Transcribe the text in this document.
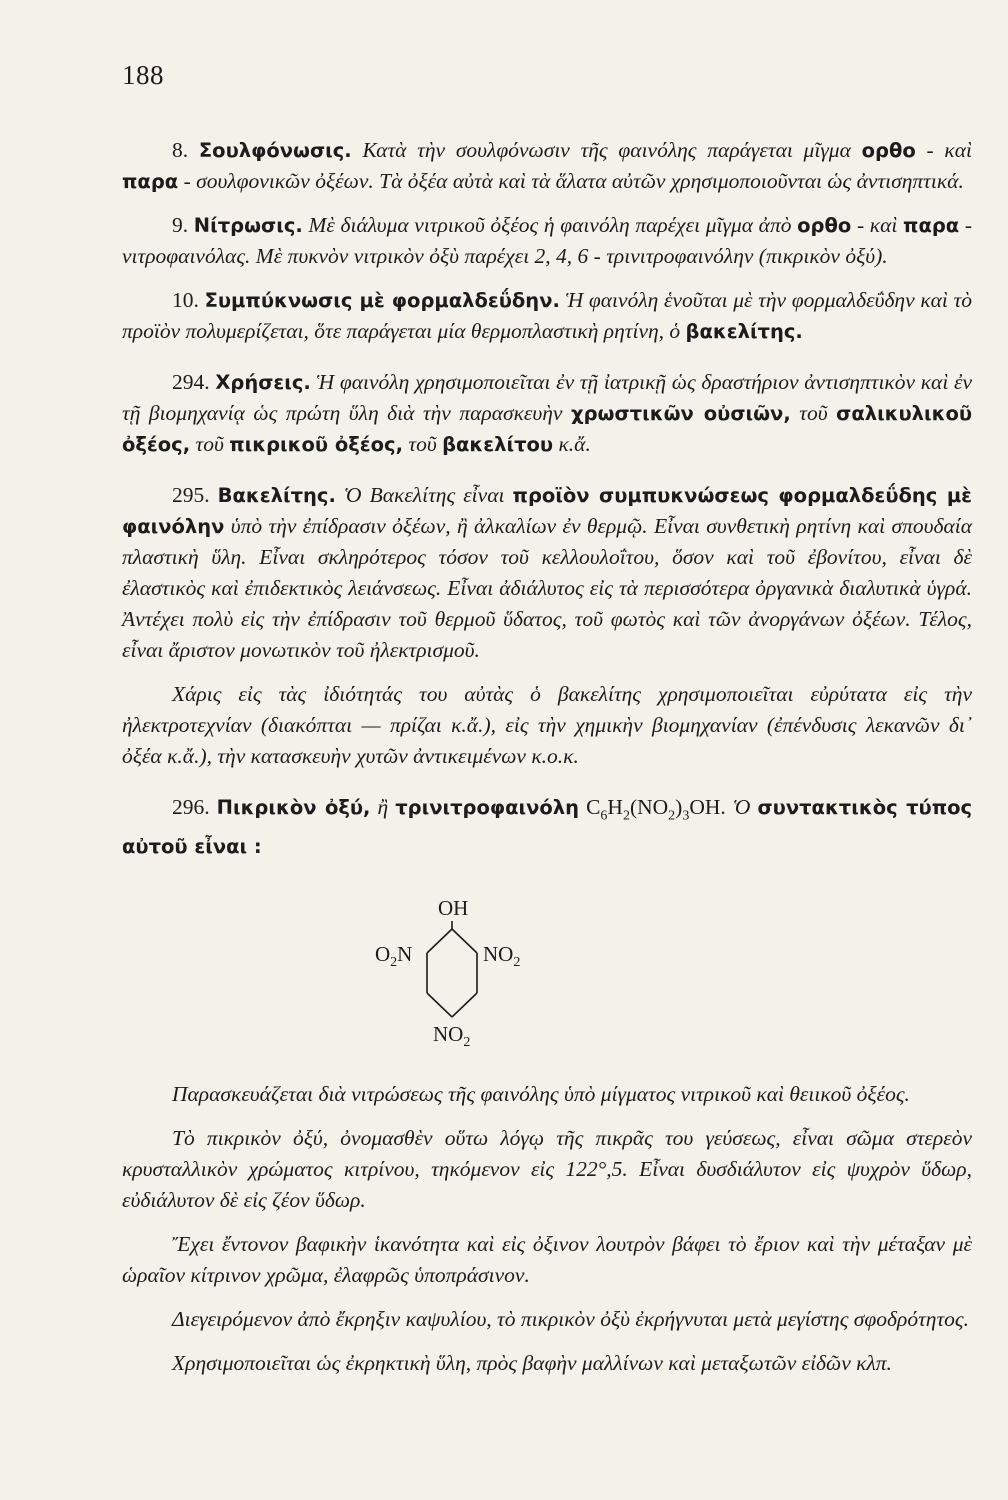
188

8. Σουλφόνωσις. Κατὰ τὴν σουλφόνωσιν τῆς φαινόλης παράγεται μῖγμα ορθο - καὶ παρα - σουλφονικῶν ὀξέων. Τὰ ὀξέα αὐτὰ καὶ τὰ ἅλατα αὐτῶν χρησιμοποιοῦνται ὡς ἀντισηπτικά.

9. Νίτρωσις. Μὲ διάλυμα νιτρικοῦ ὀξέος ἡ φαινόλη παρέχει μῖγμα ἀπὸ ορθο - καὶ παρα - νιτροφαινόλας. Μὲ πυκνὸν νιτρικὸν ὀξὺ παρέχει 2, 4, 6 - τρινιτροφαινόλην (πικρικὸν ὀξύ).

10. Συμπύκνωσις μὲ φορμαλδεΰδην. Ἡ φαινόλη ἑνοῦται μὲ τὴν φορμαλδεΰδην καὶ τὸ προϊὸν πολυμερίζεται, ὅτε παράγεται μία θερμοπλαστικὴ ρητίνη, ὁ βακελίτης.

294. Χρήσεις. Ἡ φαινόλη χρησιμοποιεῖται ἐν τῇ ἰατρικῇ ὡς δραστήριον ἀντισηπτικὸν καὶ ἐν τῇ βιομηχανίᾳ ὡς πρώτη ὕλη διὰ τὴν παρασκευὴν χρωστικῶν οὐσιῶν, τοῦ σαλικυλικοῦ ὀξέος, τοῦ πικρικοῦ ὀξέος, τοῦ βακελίτου κ.ἄ.

295. Βακελίτης. Ὁ Βακελίτης εἶναι προϊὸν συμπυκνώσεως φορμαλδεΰδης μὲ φαινόλην ὑπὸ τὴν ἐπίδρασιν ὀξέων, ἢ ἀλκαλίων ἐν θερμῷ. Εἶναι συνθετικὴ ρητίνη καὶ σπουδαία πλαστικὴ ὕλη. Εἶναι σκληρότερος τόσον τοῦ κελλουλοΐτου, ὅσον καὶ τοῦ ἐβονίτου, εἶναι δὲ ἐλαστικὸς καὶ ἐπιδεκτικὸς λειάνσεως. Εἶναι ἀδιάλυτος εἰς τὰ περισσότερα ὀργανικὰ διαλυτικὰ ὑγρά. Ἀντέχει πολὺ εἰς τὴν ἐπίδρασιν τοῦ θερμοῦ ὕδατος, τοῦ φωτὸς καὶ τῶν ἀνοργάνων ὀξέων. Τέλος, εἶναι ἄριστον μονωτικὸν τοῦ ἠλεκτρισμοῦ.

Χάρις εἰς τὰς ἰδιότητάς του αὐτὰς ὁ βακελίτης χρησιμοποιεῖται εὐρύτατα εἰς τὴν ἠλεκτροτεχνίαν (διακόπται — πρίζαι κ.ἄ.), εἰς τὴν χημικὴν βιομηχανίαν (ἐπένδυσις λεκανῶν δι᾽ ὀξέα κ.ἄ.), τὴν κατασκευὴν χυτῶν ἀντικειμένων κ.ο.κ.

296. Πικρικὸν ὀξύ, ἢ τρινιτροφαινόλη $C_6H_2(NO_2)_3OH$. Ὁ συντακτικὸς τύπος αὐτοῦ εἶναι :

OH
$O_2N$	$NO_2$
$NO_2$

Παρασκευάζεται διὰ νιτρώσεως τῆς φαινόλης ὑπὸ μίγματος νιτρικοῦ καὶ θειικοῦ ὀξέος.

Τὸ πικρικὸν ὀξύ, ὀνομασθὲν οὕτω λόγῳ τῆς πικρᾶς του γεύσεως, εἶναι σῶμα στερεὸν κρυσταλλικὸν χρώματος κιτρίνου, τηκόμενον εἰς 122°,5. Εἶναι δυσδιάλυτον εἰς ψυχρὸν ὕδωρ, εὐδιάλυτον δὲ εἰς ζέον ὕδωρ.

Ἔχει ἔντονον βαφικὴν ἱκανότητα καὶ εἰς ὀξινον λουτρὸν βάφει τὸ ἔριον καὶ τὴν μέταξαν μὲ ὡραῖον κίτρινον χρῶμα, ἐλαφρῶς ὑποπράσινον.

Διεγειρόμενον ἀπὸ ἔκρηξιν καψυλίου, τὸ πικρικὸν ὀξὺ ἐκρήγνυται μετὰ μεγίστης σφοδρότητος.

Χρησιμοποιεῖται ὡς ἐκρηκτικὴ ὕλη, πρὸς βαφὴν μαλλίνων καὶ μεταξωτῶν εἰδῶν κλπ.
